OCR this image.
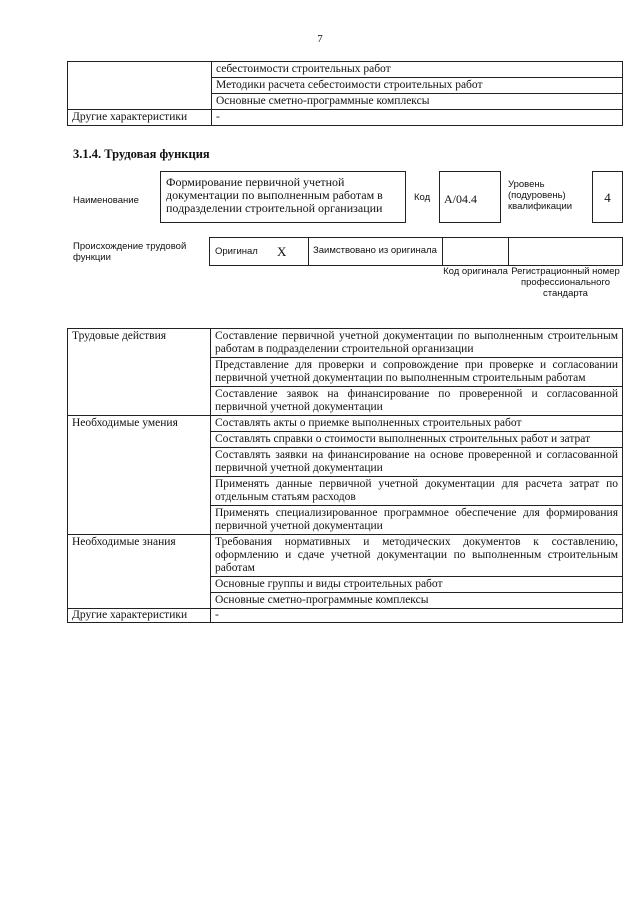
7
	себестоимости строительных работ
	Методики расчета себестоимости строительных работ
	Основные сметно-программные комплексы
Другие характеристики	-
3.1.4. Трудовая функция
Наименование
Формирование первичной учетной документации по выполненным работам в подразделении строительной организации
Код	А/04.4
Уровень (подуровень) квалификации
4
Происхождение трудовой функции
Оригинал X	Заимствовано из оригинала
Код оригинала Регистрационный номер профессионального стандарта
Трудовые действия	Составление первичной учетной документации по выполненным строительным работам в подразделении строительной организации
	Представление для проверки и сопровождение при проверке и согласовании первичной учетной документации по выполненным строительным работам
	Составление заявок на финансирование по проверенной и согласованной первичной учетной документации
Необходимые умения	Составлять акты о приемке выполненных строительных работ
	Составлять справки о стоимости выполненных строительных работ и затрат
	Составлять заявки на финансирование на основе проверенной и согласованной первичной учетной документации
	Применять данные первичной учетной документации для расчета затрат по отдельным статьям расходов
	Применять специализированное программное обеспечение для формирования первичной учетной документации
Необходимые знания	Требования нормативных и методических документов к составлению, оформлению и сдаче учетной документации по выполненным строительным работам
	Основные группы и виды строительных работ
	Основные сметно-программные комплексы
Другие характеристики	-
